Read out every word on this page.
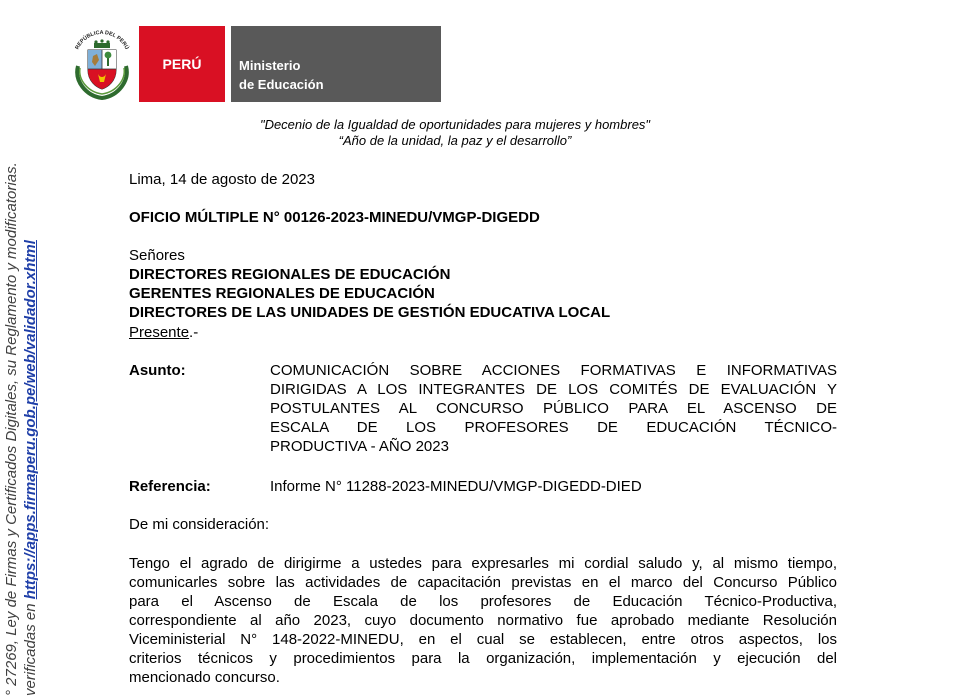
REPÚBLICA DEL PERÚ
PERÚ	Ministerio
de Educación
"Decenio de la Igualdad de oportunidades para mujeres y hombres"
“Año de la unidad, la paz y el desarrollo”
° 27269, Ley de Firmas y Certificados Digitales, su Reglamento y modificatorias. verificadas en https://apps.firmaperu.gob.pe/web/validador.xhtml
Lima, 14 de agosto de 2023
OFICIO MÚLTIPLE N° 00126-2023-MINEDU/VMGP-DIGEDD
Señores
DIRECTORES REGIONALES DE EDUCACIÓN
GERENTES REGIONALES DE EDUCACIÓN
DIRECTORES DE LAS UNIDADES DE GESTIÓN EDUCATIVA LOCAL
Presente.-
Asunto:	COMUNICACIÓN SOBRE ACCIONES FORMATIVAS E INFORMATIVAS
DIRIGIDAS A LOS INTEGRANTES DE LOS COMITÉS DE EVALUACIÓN Y
POSTULANTES AL CONCURSO PÚBLICO PARA EL ASCENSO DE
ESCALA DE LOS PROFESORES DE EDUCACIÓN TÉCNICO-
PRODUCTIVA - AÑO 2023
Referencia:	Informe N° 11288-2023-MINEDU/VMGP-DIGEDD-DIED
De mi consideración:
Tengo el agrado de dirigirme a ustedes para expresarles mi cordial saludo y, al mismo tiempo,
comunicarles sobre las actividades de capacitación previstas en el marco del Concurso Público
para el Ascenso de Escala de los profesores de Educación Técnico-Productiva,
correspondiente al año 2023, cuyo documento normativo fue aprobado mediante Resolución
Viceministerial N° 148-2022-MINEDU, en el cual se establecen, entre otros aspectos, los
criterios técnicos y procedimientos para la organización, implementación y ejecución del
mencionado concurso.
